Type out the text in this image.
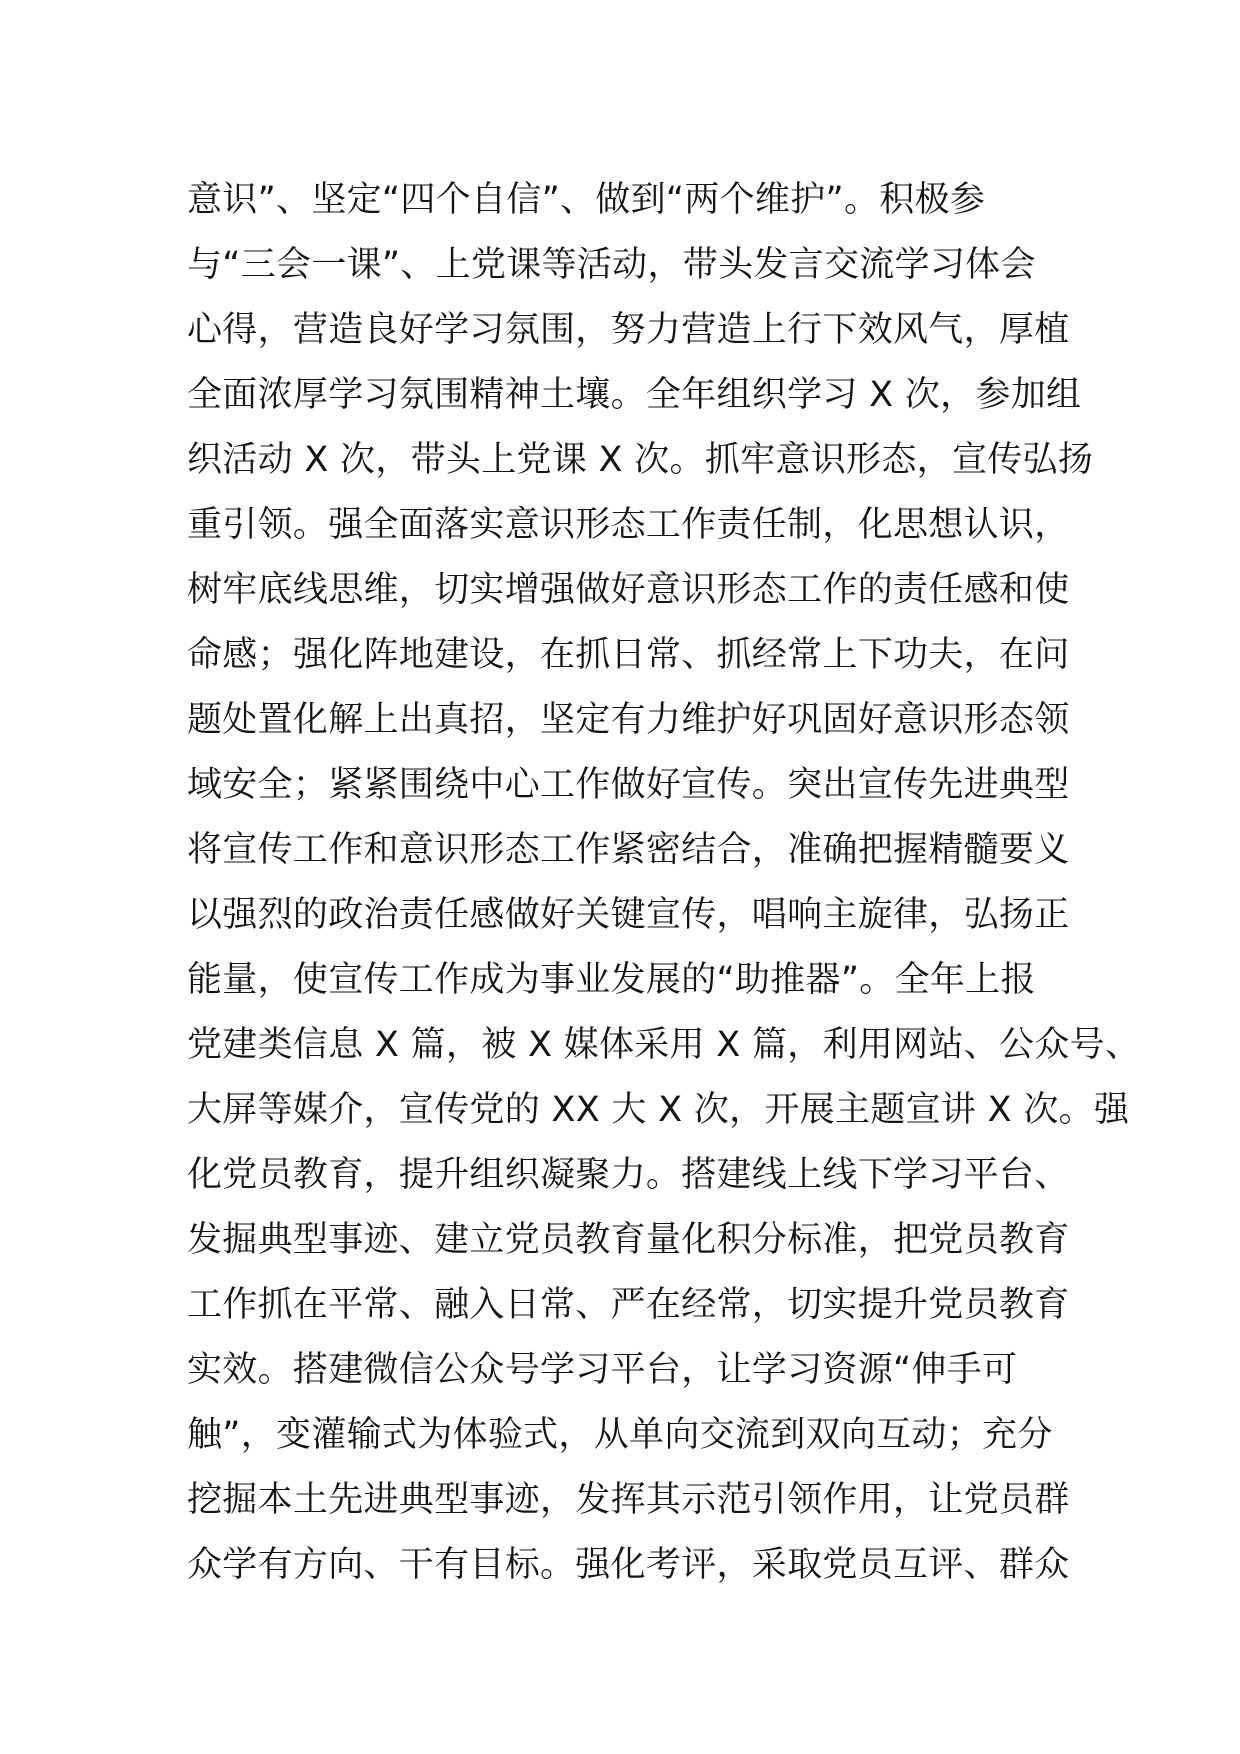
意识”、坚定“四个自信”、做到“两个维护”。积极参
与“三会一课”、上党课等活动，带头发言交流学习体会
心得，营造良好学习氛围，努力营造上行下效风气，厚植
全面浓厚学习氛围精神土壤。全年组织学习 X 次，参加组
织活动 X 次，带头上党课 X 次。抓牢意识形态，宣传弘扬
重引领。强全面落实意识形态工作责任制，化思想认识，
树牢底线思维，切实增强做好意识形态工作的责任感和使
命感；强化阵地建设，在抓日常、抓经常上下功夫，在问
题处置化解上出真招，坚定有力维护好巩固好意识形态领
域安全；紧紧围绕中心工作做好宣传。突出宣传先进典型
将宣传工作和意识形态工作紧密结合，准确把握精髓要义
以强烈的政治责任感做好关键宣传，唱响主旋律，弘扬正
能量，使宣传工作成为事业发展的“助推器”。全年上报
党建类信息 X 篇，被 X 媒体采用 X 篇，利用网站、公众号、
大屏等媒介，宣传党的 XX 大 X 次，开展主题宣讲 X 次。强
化党员教育，提升组织凝聚力。搭建线上线下学习平台、
发掘典型事迹、建立党员教育量化积分标准，把党员教育
工作抓在平常、融入日常、严在经常，切实提升党员教育
实效。搭建微信公众号学习平台，让学习资源“伸手可
触”，变灌输式为体验式，从单向交流到双向互动；充分
挖掘本土先进典型事迹，发挥其示范引领作用，让党员群
众学有方向、干有目标。强化考评，采取党员互评、群众
